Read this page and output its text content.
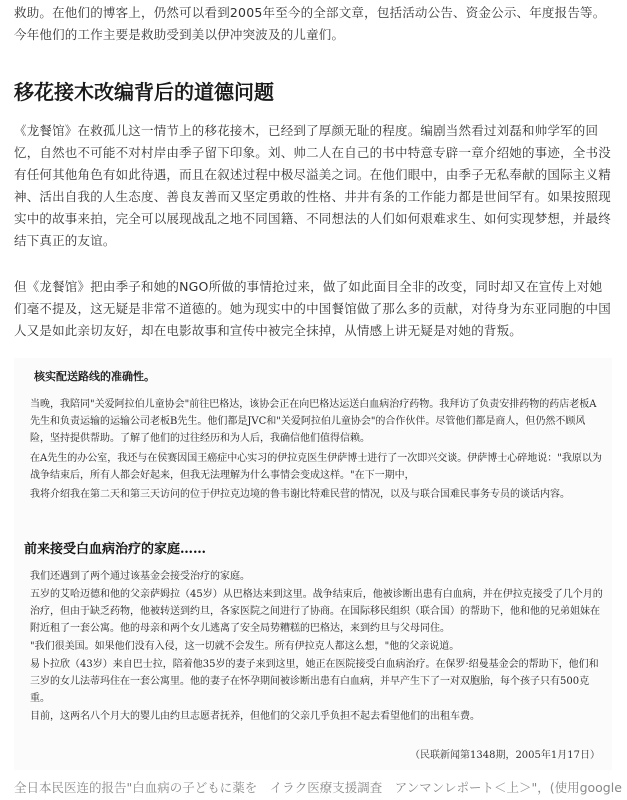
救助。在他们的博客上，仍然可以看到2005年至今的全部文章，包括活动公告、资金公示、年度报告等。今年他们的工作主要是救助受到美以伊冲突波及的儿童们。

移花接木改编背后的道德问题

《龙餐馆》在救孤儿这一情节上的移花接木，已经到了厚颜无耻的程度。编剧当然看过刘磊和帅学军的回忆，自然也不可能不对村岸由季子留下印象。刘、帅二人在自己的书中特意专辟一章介绍她的事迹，全书没有任何其他角色有如此待遇，而且在叙述过程中极尽溢美之词。在他们眼中，由季子无私奉献的国际主义精神、活出自我的人生态度、善良友善而又坚定勇敢的性格、井井有条的工作能力都是世间罕有。如果按照现实中的故事来拍，完全可以展现战乱之地不同国籍、不同想法的人们如何艰难求生、如何实现梦想，并最终结下真正的友谊。

但《龙餐馆》把由季子和她的NGO所做的事情抢过来，做了如此面目全非的改变，同时却又在宣传上对她们毫不提及，这无疑是非常不道德的。她为现实中的中国餐馆做了那么多的贡献，对待身为东亚同胞的中国人又是如此亲切友好，却在电影故事和宣传中被完全抹掉，从情感上讲无疑是对她的背叛。

核实配送路线的准确性。

当晚，我陪同"关爱阿拉伯儿童协会"前往巴格达，该协会正在向巴格达运送白血病治疗药物。我拜访了负责安排药物的药店老板A先生和负责运输的运输公司老板B先生。他们都是JVC和"关爱阿拉伯儿童协会"的合作伙伴。尽管他们都是商人，但仍然不顾风险，坚持提供帮助。了解了他们的过往经历和为人后，我确信他们值得信赖。

在A先生的办公室，我还与在侯赛因国王癌症中心实习的伊拉克医生伊萨博士进行了一次即兴交谈。伊萨博士心碎地说："我原以为战争结束后，所有人都会好起来，但我无法理解为什么事情会变成这样。"在下一期中，

我将介绍我在第二天和第三天访问的位于伊拉克边境的鲁韦谢比特难民营的情况，以及与联合国难民事务专员的谈话内容。

前来接受白血病治疗的家庭……

我们还遇到了两个通过该基金会接受治疗的家庭。

五岁的艾哈迈德和他的父亲萨姆拉（45岁）从巴格达来到这里。战争结束后，他被诊断出患有白血病，并在伊拉克接受了几个月的治疗，但由于缺乏药物，他被转送到约旦，各家医院之间进行了协商。在国际移民组织（联合国）的帮助下，他和他的兄弟姐妹在附近租了一套公寓。他的母亲和两个女儿逃离了安全局势糟糕的巴格达，来到约旦与父母同住。

"我们很美国。如果他们没有入侵，这一切就不会发生。所有伊拉克人都这么想，"他的父亲说道。

易卜拉欣（43岁）来自巴士拉，陪着他35岁的妻子来到这里，她正在医院接受白血病治疗。在保罗·绍曼基金会的帮助下，他们和三岁的女儿法蒂玛住在一套公寓里。他的妻子在怀孕期间被诊断出患有白血病，并早产生下了一对双胞胎，每个孩子只有500克重。

目前，这两名八个月大的婴儿由约旦志愿者抚养，但他们的父亲几乎负担不起去看望他们的出租车费。

（民联新闻第1348期，2005年1月17日）
全日本民医连的报告"白血病の子どもに薬を　イラク医療支援調査　アンマンレポート＜上＞"，(使用google
